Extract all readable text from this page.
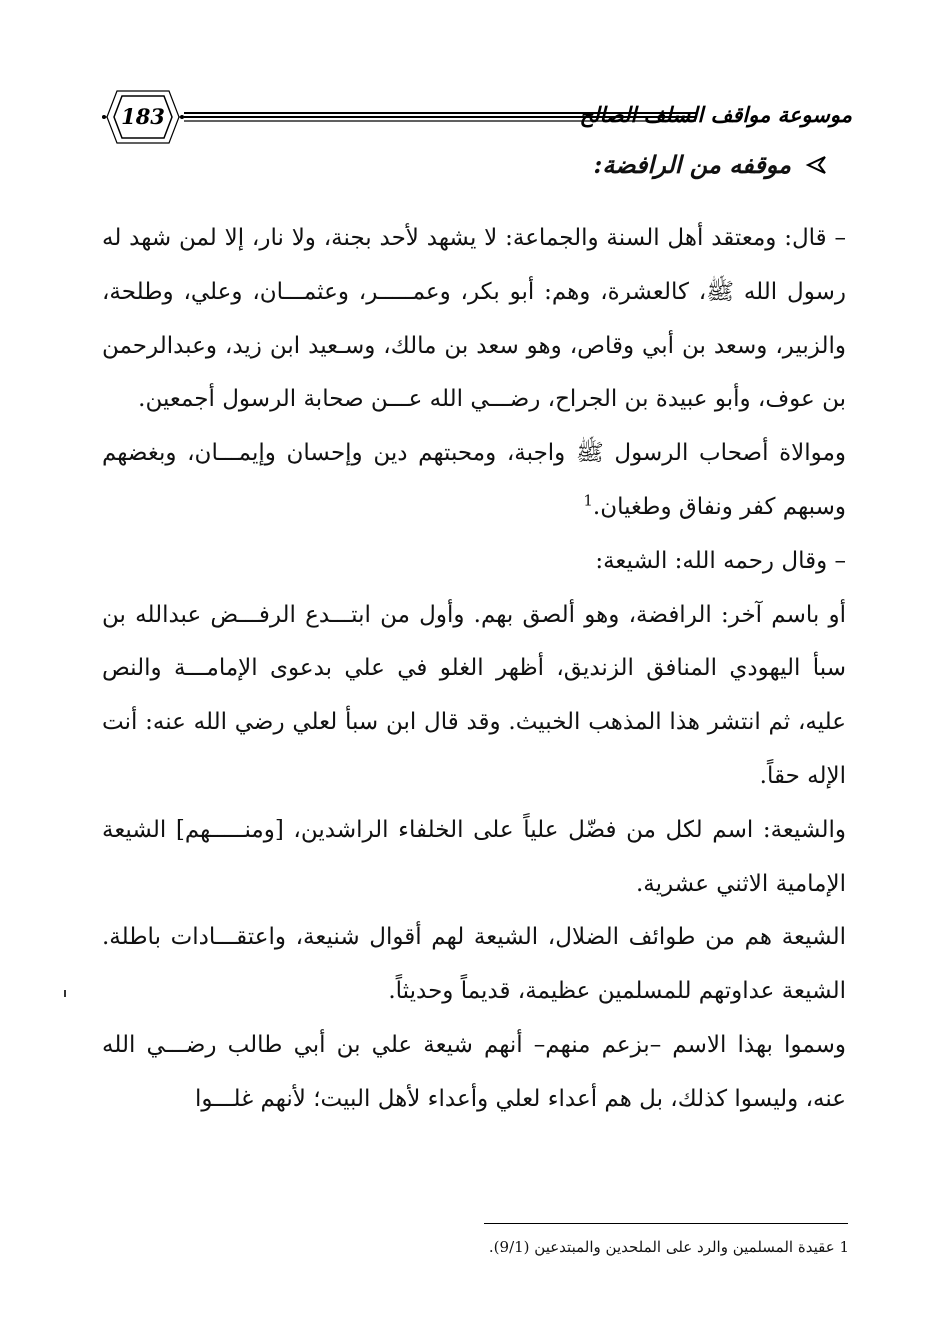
183	موسوعة مواقف السلف الصالح
موقفه من الرافضة:

– قال: ومعتقد أهل السنة والجماعة: لا يشهد لأحد بجنة، ولا نار، إلا لمن شهد له رسول الله ﷺ، كالعشرة، وهم: أبو بكر، وعمـــــر، وعثمـــان، وعلي، وطلحة، والزبير، وسعد بن أبي وقاص، وهو سعد بن مالك، وسـعيد ابن زيد، وعبدالرحمن بن عوف، وأبو عبيدة بن الجراح، رضـــي الله عـــن صحابة الرسول أجمعين.

وموالاة أصحاب الرسول ﷺ واجبة، ومحبتهم دين وإحسان وإيمـــان، وبغضهم وسبهم كفر ونفاق وطغيان.$^1$

– وقال رحمه الله: الشيعة:

أو باسم آخر: الرافضة، وهو ألصق بهم. وأول من ابتـــدع الرفـــض عبدالله بن سبأ اليهودي المنافق الزنديق، أظهر الغلو في علي بدعوى الإمامـــة والنص عليه، ثم انتشر هذا المذهب الخبيث. وقد قال ابن سبأ لعلي رضي الله عنه: أنت الإله حقاً.

والشيعة: اسم لكل من فضّل علياً على الخلفاء الراشدين، [ومنـــــهم] الشيعة الإمامية الاثني عشرية.

الشيعة هم من طوائف الضلال، الشيعة لهم أقوال شنيعة، واعتقـــادات باطلة. الشيعة عداوتهم للمسلمين عظيمة، قديماً وحديثاً.

وسموا بهذا الاسم –بزعم منهم– أنهم شيعة علي بن أبي طالب رضـــي الله عنه، وليسوا كذلك، بل هم أعداء لعلي وأعداء لأهل البيت؛ لأنهم غلـــوا

1 عقيدة المسلمين والرد على الملحدين والمبتدعين (9/1).
